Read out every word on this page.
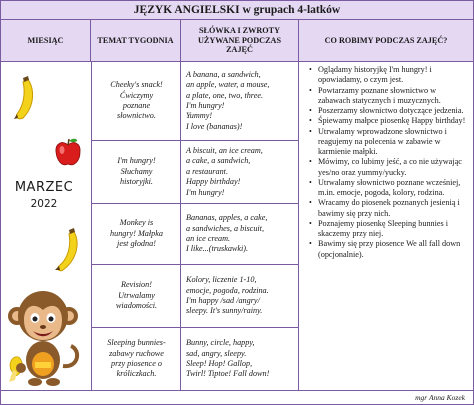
JĘZYK ANGIELSKI w grupach 4-latków
MIESIĄC	TEMAT TYGODNIA
SŁÓWKA I ZWROTY UŻYWANE PODCZAS ZAJĘĆ
CO ROBIMY PODCZAS ZAJĘĆ?
MARZEC
2022
Cheeky's snack!
Ćwiczymy
poznane
słownictwo.
A banana, a sandwich,
an apple, water, a mouse,
a plate, one, two, three.
I'm hungry!
Yummy!
I love (bananas)!
I'm hungry!
Słuchamy
historyjki.
A biscuit, an ice cream,
a cake, a sandwich,
a restaurant.
Happy birthday!
I'm hungry!
Monkey is
hungry! Małpka
jest głodna!
Bananas, apples, a cake,
a sandwiches, a biscuit,
an ice cream.
I like...(truskawki).
Revision!
Utrwalamy
wiadomości.
Kolory, liczenie 1-10,
emocje, pogoda, rodzina.
I'm happy /sad /angry/
sleepy. It's sunny/rainy.
Sleeping bunnies-
zabawy ruchowe
przy piosence o
króliczkach.
Bunny, circle, happy,
sad, angry, sleepy.
Sleep! Hop! Gallop,
Twirl! Tiptoe! Fall down!
• Oglądamy historyjkę I'm hungry! i opowiadamy, o czym jest.
• Powtarzamy poznane słownictwo w zabawach statycznych i muzycznych.
• Poszerzamy słownictwo dotyczące jedzenia.
• Śpiewamy małpce piosenkę Happy birthday!
• Utrwalamy wprowadzone słownictwo i reagujemy na polecenia w zabawie w karmienie małpki.
• Mówimy, co lubimy jeść, a co nie używając yes/no oraz yummy/yucky.
• Utrwalamy słownictwo poznane wcześniej, m.in. emocje, pogoda, kolory, rodzina.
• Wracamy do piosenek poznanych jesienią i bawimy się przy nich.
• Poznajemy piosenkę Sleeping bunnies i skaczemy przy niej.
• Bawimy się przy piosence We all fall down (opcjonalnie).
mgr Anna Kozek
